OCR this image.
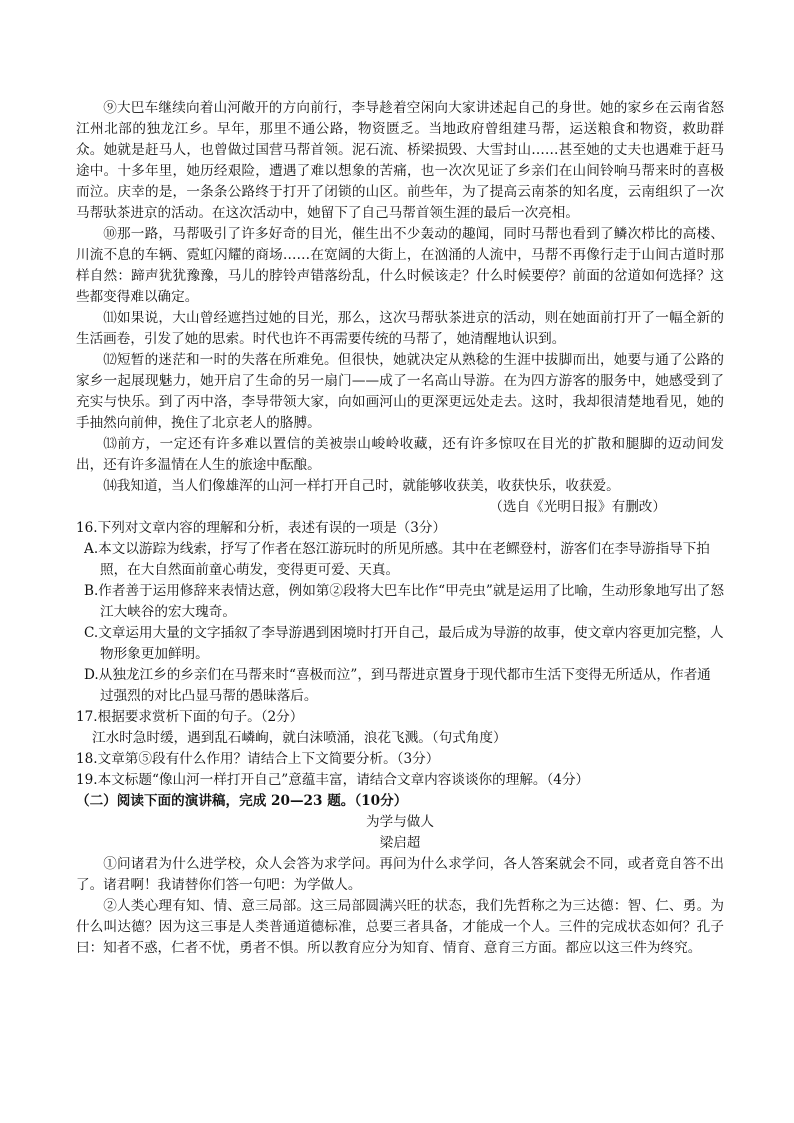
⑨大巴车继续向着山河敞开的方向前行，李导趁着空闲向大家讲述起自己的身世。她的家乡在云南省怒江州北部的独龙江乡。早年，那里不通公路，物资匮乏。当地政府曾组建马帮，运送粮食和物资，救助群众。她就是赶马人，也曾做过国营马帮首领。泥石流、桥梁损毁、大雪封山……甚至她的丈夫也遇难于赶马途中。十多年里，她历经艰险，遭遇了难以想象的苦痛，也一次次见证了乡亲们在山间铃响马帮来时的喜极而泣。庆幸的是，一条条公路终于打开了闭锁的山区。前些年，为了提高云南茶的知名度，云南组织了一次马帮驮茶进京的活动。在这次活动中，她留下了自己马帮首领生涯的最后一次亮相。

⑩那一路，马帮吸引了许多好奇的目光，催生出不少轰动的趣闻，同时马帮也看到了鳞次栉比的高楼、川流不息的车辆、霓虹闪耀的商场……在宽阔的大街上，在汹涌的人流中，马帮不再像行走于山间古道时那样自然：蹄声犹犹豫豫，马儿的脖铃声错落纷乱，什么时候该走？什么时候要停？前面的岔道如何选择？这些都变得难以确定。

⑾如果说，大山曾经遮挡过她的目光，那么，这次马帮驮茶进京的活动，则在她面前打开了一幅全新的生活画卷，引发了她的思索。时代也许不再需要传统的马帮了，她清醒地认识到。

⑿短暂的迷茫和一时的失落在所难免。但很快，她就决定从熟稔的生涯中拔脚而出，她要与通了公路的家乡一起展现魅力，她开启了生命的另一扇门——成了一名高山导游。在为四方游客的服务中，她感受到了充实与快乐。到了丙中洛，李导带领大家，向如画河山的更深更远处走去。这时，我却很清楚地看见，她的手抽然向前伸，挽住了北京老人的胳膊。

⒀前方，一定还有许多难以置信的美被崇山峻岭收藏，还有许多惊叹在目光的扩散和腿脚的迈动间发出，还有许多温情在人生的旅途中酝酿。

⒁我知道，当人们像雄浑的山河一样打开自己时，就能够收获美，收获快乐，收获爱。

（选自《光明日报》有删改）

16.下列对文章内容的理解和分析，表述有误的一项是（3分）

A.本文以游踪为线索，抒写了作者在怒江游玩时的所见所感。其中在老鳏登村，游客们在李导游指导下拍照，在大自然面前童心萌发，变得更可爱、天真。

B.作者善于运用修辞来表情达意，例如第②段将大巴车比作“甲壳虫”就是运用了比喻，生动形象地写出了怒江大峡谷的宏大瑰奇。

C.文章运用大量的文字插叙了李导游遇到困境时打开自己，最后成为导游的故事，使文章内容更加完整，人物形象更加鲜明。

D.从独龙江乡的乡亲们在马帮来时“喜极而泣”，到马帮进京置身于现代都市生活下变得无所适从，作者通过强烈的对比凸显马帮的愚昧落后。

17.根据要求赏析下面的句子。（2分）

江水时急时缓，遇到乱石嶙峋，就白沫喷涌，浪花飞溅。（句式角度）

18.文章第⑤段有什么作用？请结合上下文简要分析。（3分）

19.本文标题“像山河一样打开自己”意蕴丰富，请结合文章内容谈谈你的理解。（4分）

（二）阅读下面的演讲稿，完成 20—23 题。（10分）

为学与做人

梁启超

①问诸君为什么进学校，众人会答为求学问。再问为什么求学问，各人答案就会不同，或者竟自答不出了。诸君啊！我请替你们答一句吧：为学做人。

②人类心理有知、情、意三局部。这三局部圆满兴旺的状态，我们先哲称之为三达德：智、仁、勇。为什么叫达德？因为这三事是人类普通道德标准，总要三者具备，才能成一个人。三件的完成状态如何？孔子曰：知者不惑，仁者不忧，勇者不惧。所以教育应分为知育、情育、意育三方面。都应以这三件为终究。
